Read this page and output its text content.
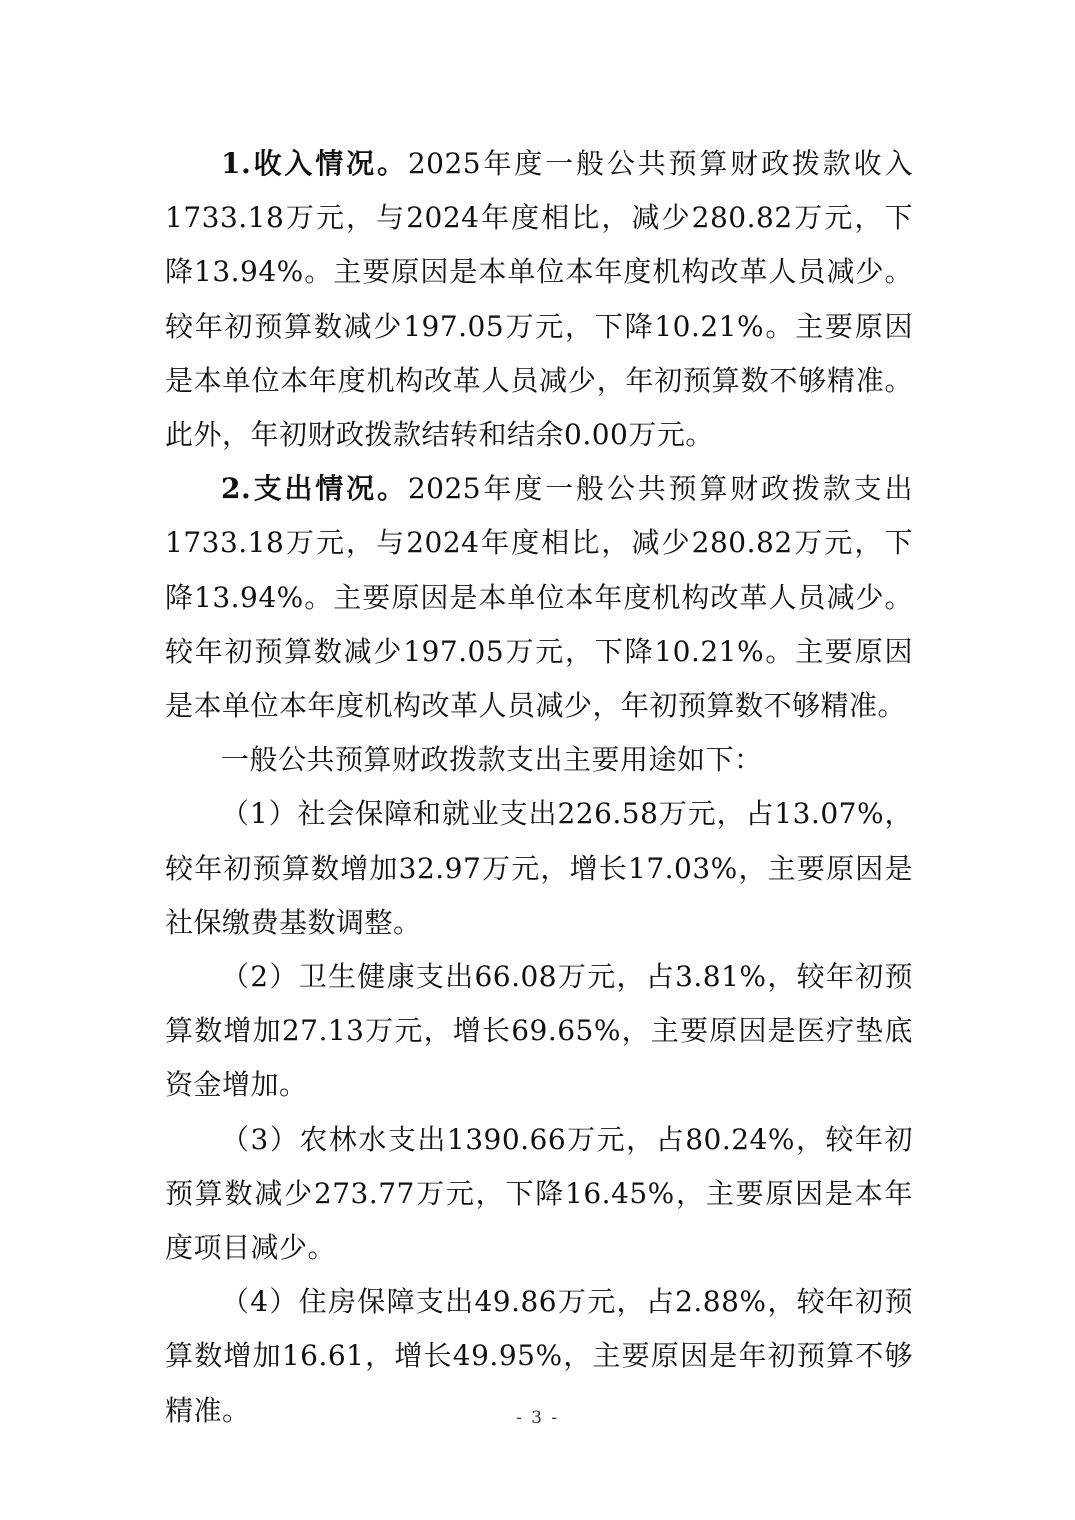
1.收入情况。2025年度一般公共预算财政拨款收入1733.18万元，与2024年度相比，减少280.82万元，下降13.94%。主要原因是本单位本年度机构改革人员减少。较年初预算数减少197.05万元，下降10.21%。主要原因是本单位本年度机构改革人员减少，年初预算数不够精准。此外，年初财政拨款结转和结余0.00万元。

2.支出情况。2025年度一般公共预算财政拨款支出1733.18万元，与2024年度相比，减少280.82万元，下降13.94%。主要原因是本单位本年度机构改革人员减少。较年初预算数减少197.05万元，下降10.21%。主要原因是本单位本年度机构改革人员减少，年初预算数不够精准。

一般公共预算财政拨款支出主要用途如下：

（1）社会保障和就业支出226.58万元，占13.07%，较年初预算数增加32.97万元，增长17.03%，主要原因是社保缴费基数调整。

（2）卫生健康支出66.08万元，占3.81%，较年初预算数增加27.13万元，增长69.65%，主要原因是医疗垫底资金增加。

（3）农林水支出1390.66万元，占80.24%，较年初预算数减少273.77万元，下降16.45%，主要原因是本年度项目减少。

（4）住房保障支出49.86万元，占2.88%，较年初预算数增加16.61，增长49.95%，主要原因是年初预算不够精准。	- 3 -
